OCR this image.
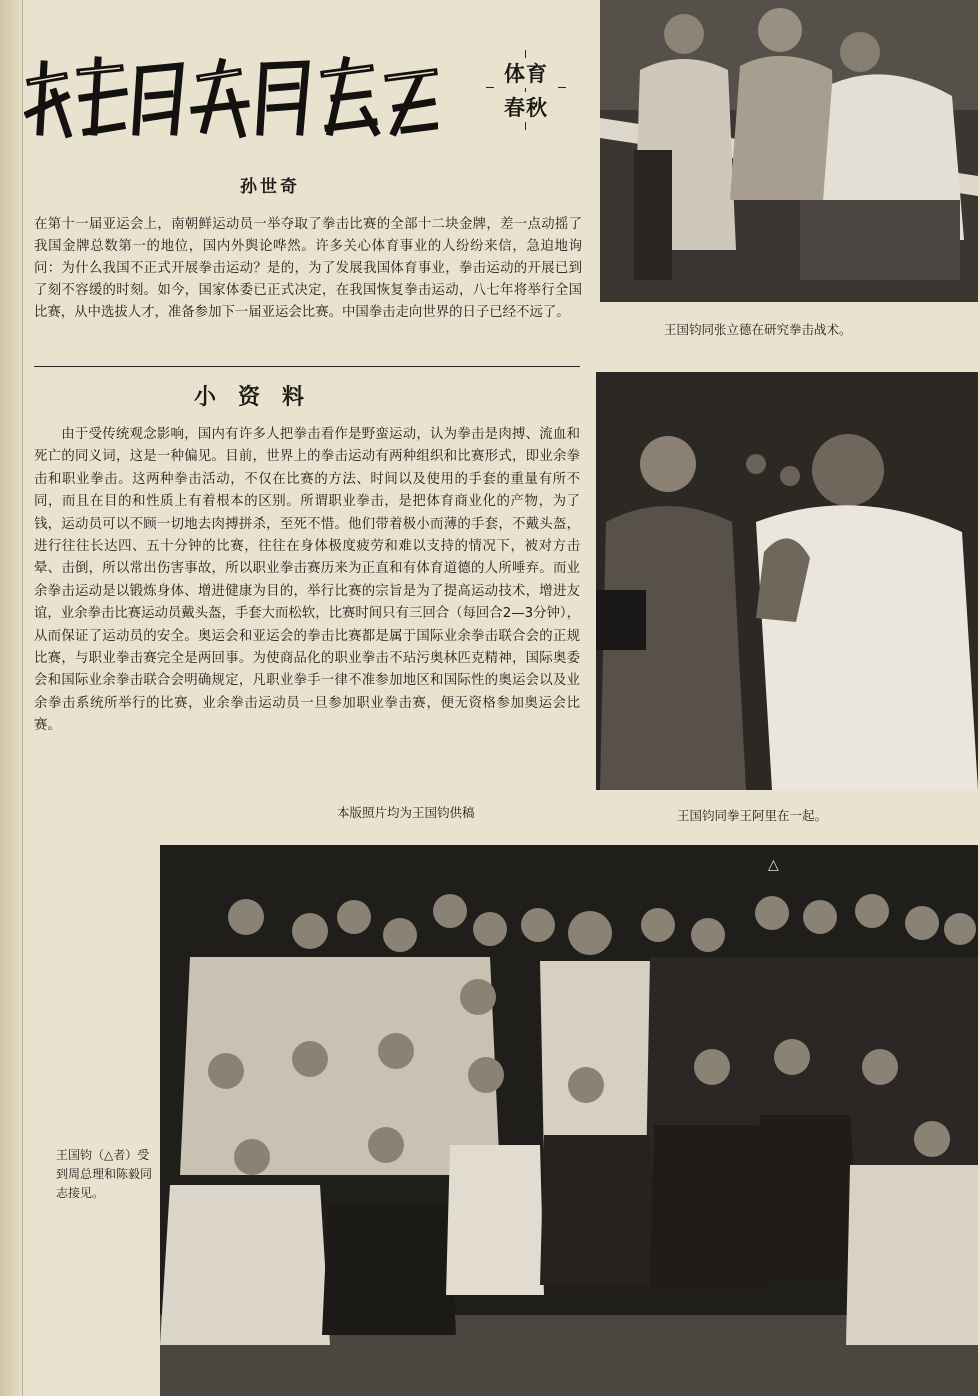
体育
春秋
孙世奇
在第十一届亚运会上，南朝鲜运动员一举夺取了拳击比赛的全部十二块金牌，差一点动摇了我国金牌总数第一的地位，国内外舆论哗然。许多关心体育事业的人纷纷来信，急迫地询问：为什么我国不正式开展拳击运动？是的，为了发展我国体育事业，拳击运动的开展已到了刻不容缓的时刻。如今，国家体委已正式决定，在我国恢复拳击运动，八七年将举行全国比赛，从中选拔人才，准备参加下一届亚运会比赛。中国拳击走向世界的日子已经不远了。
小资料
由于受传统观念影响，国内有许多人把拳击看作是野蛮运动，认为拳击是肉搏、流血和死亡的同义词，这是一种偏见。目前，世界上的拳击运动有两种组织和比赛形式，即业余拳击和职业拳击。这两种拳击活动，不仅在比赛的方法、时间以及使用的手套的重量有所不同，而且在目的和性质上有着根本的区别。所谓职业拳击，是把体育商业化的产物，为了钱，运动员可以不顾一切地去肉搏拼杀，至死不惜。他们带着极小而薄的手套，不戴头盔，进行往往长达四、五十分钟的比赛，往往在身体极度疲劳和难以支持的情况下，被对方击晕、击倒，所以常出伤害事故，所以职业拳击赛历来为正直和有体育道德的人所唾弃。而业余拳击运动是以锻炼身体、增进健康为目的，举行比赛的宗旨是为了提高运动技术，增进友谊，业余拳击比赛运动员戴头盔，手套大而松软，比赛时间只有三回合（每回合2—3分钟），从而保证了运动员的安全。奥运会和亚运会的拳击比赛都是属于国际业余拳击联合会的正规比赛，与职业拳击赛完全是两回事。为使商品化的职业拳击不玷污奥林匹克精神，国际奥委会和国际业余拳击联合会明确规定，凡职业拳手一律不准参加地区和国际性的奥运会以及业余拳击系统所举行的比赛，业余拳击运动员一旦参加职业拳击赛，便无资格参加奥运会比赛。
本版照片均为王国钧供稿
王国钧同张立德在研究拳击战术。
王国钧同拳王阿里在一起。
△
王国钧（△者）受到周总理和陈毅同志接见。
